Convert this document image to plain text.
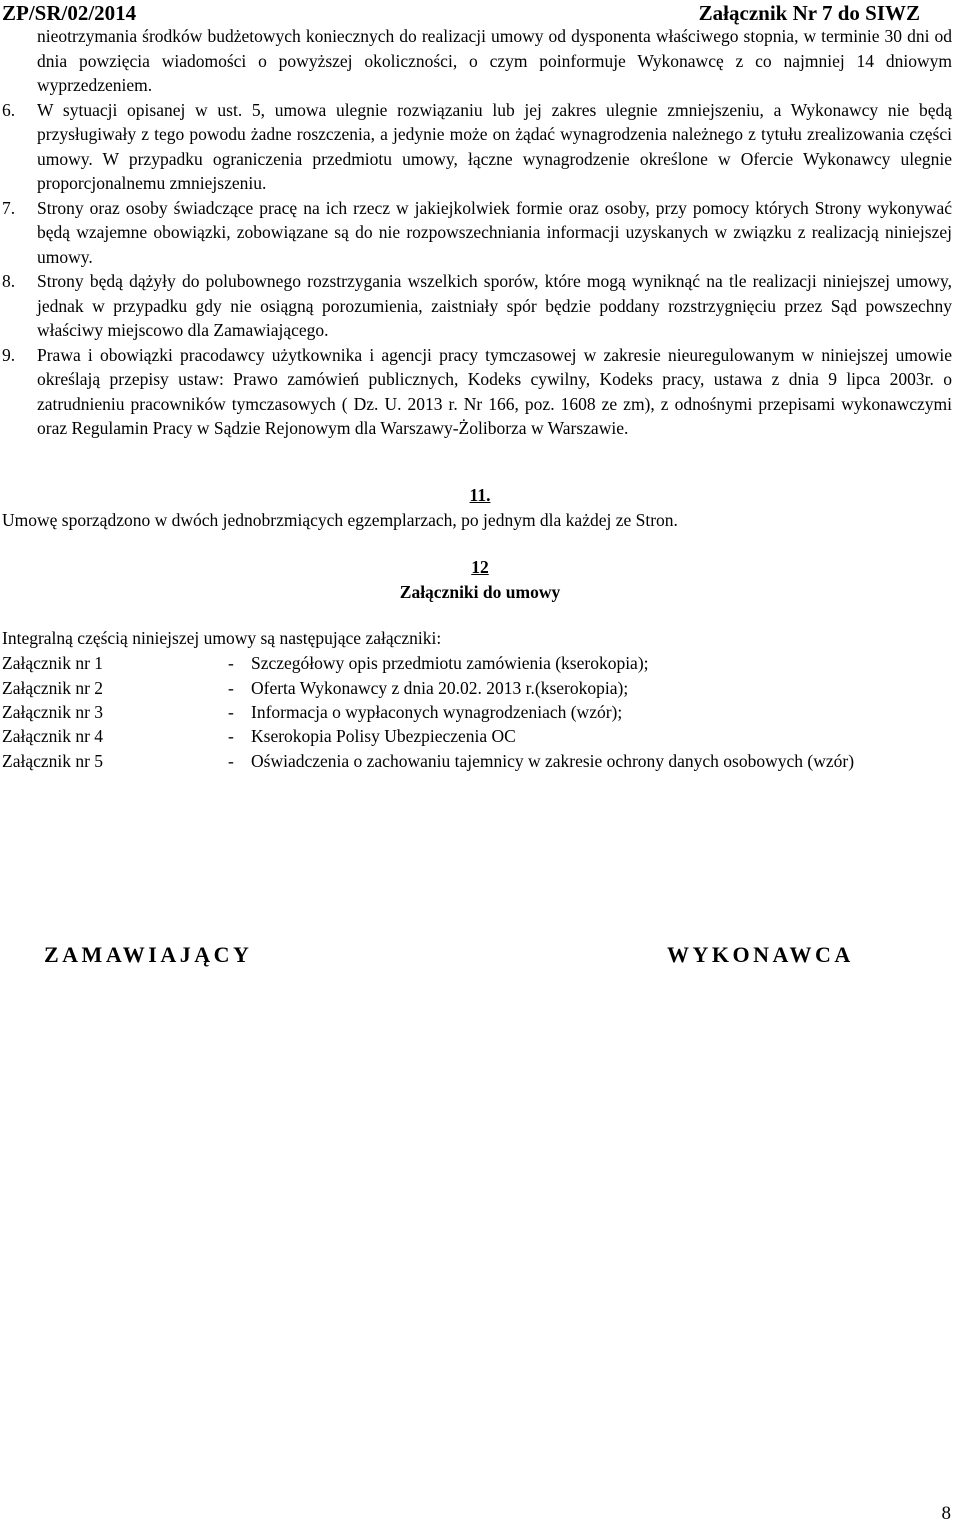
ZP/SR/02/2014	Załącznik Nr 7 do SIWZ
nieotrzymania środków budżetowych koniecznych do realizacji umowy od dysponenta właściwego stopnia, w terminie 30 dni od dnia powzięcia wiadomości o powyższej okoliczności, o czym poinformuje Wykonawcę z co najmniej 14 dniowym wyprzedzeniem.
6. W sytuacji opisanej w ust. 5, umowa ulegnie rozwiązaniu lub jej zakres ulegnie zmniejszeniu, a Wykonawcy nie będą przysługiwały z tego powodu żadne roszczenia, a jedynie może on żądać wynagrodzenia należnego z tytułu zrealizowania części umowy. W przypadku ograniczenia przedmiotu umowy, łączne wynagrodzenie określone w Ofercie Wykonawcy ulegnie proporcjonalnemu zmniejszeniu.
7. Strony oraz osoby świadczące pracę na ich rzecz w jakiejkolwiek formie oraz osoby, przy pomocy których Strony wykonywać będą wzajemne obowiązki, zobowiązane są do nie rozpowszechniania informacji uzyskanych w związku z realizacją niniejszej umowy.
8. Strony będą dążyły do polubownego rozstrzygania wszelkich sporów, które mogą wyniknąć na tle realizacji niniejszej umowy, jednak w przypadku gdy nie osiągną porozumienia, zaistniały spór będzie poddany rozstrzygnięciu przez Sąd powszechny właściwy miejscowo dla Zamawiającego.
9. Prawa i obowiązki pracodawcy użytkownika i agencji pracy tymczasowej w zakresie nieuregulowanym w niniejszej umowie określają przepisy ustaw: Prawo zamówień publicznych, Kodeks cywilny, Kodeks pracy, ustawa z dnia 9 lipca 2003r. o zatrudnieniu pracowników tymczasowych ( Dz. U. 2013 r. Nr 166, poz. 1608 ze zm), z odnośnymi przepisami wykonawczymi oraz Regulamin Pracy w Sądzie Rejonowym dla Warszawy-Żoliborza w Warszawie.
11.
Umowę sporządzono w dwóch jednobrzmiących egzemplarzach, po jednym dla każdej ze Stron.
12
Załączniki do umowy
Integralną częścią niniejszej umowy są następujące załączniki:
Załącznik nr 1	- Szczegółowy opis przedmiotu zamówienia (kserokopia);
Załącznik nr 2	- Oferta Wykonawcy z dnia 20.02. 2013 r.(kserokopia);
Załącznik nr 3	- Informacja o wypłaconych wynagrodzeniach (wzór);
Załącznik nr 4	- Kserokopia Polisy Ubezpieczenia OC
Załącznik nr 5	- Oświadczenia o zachowaniu tajemnicy w zakresie ochrony danych osobowych (wzór)
ZAMAWIAJĄCY	WYKONAWCA
8
